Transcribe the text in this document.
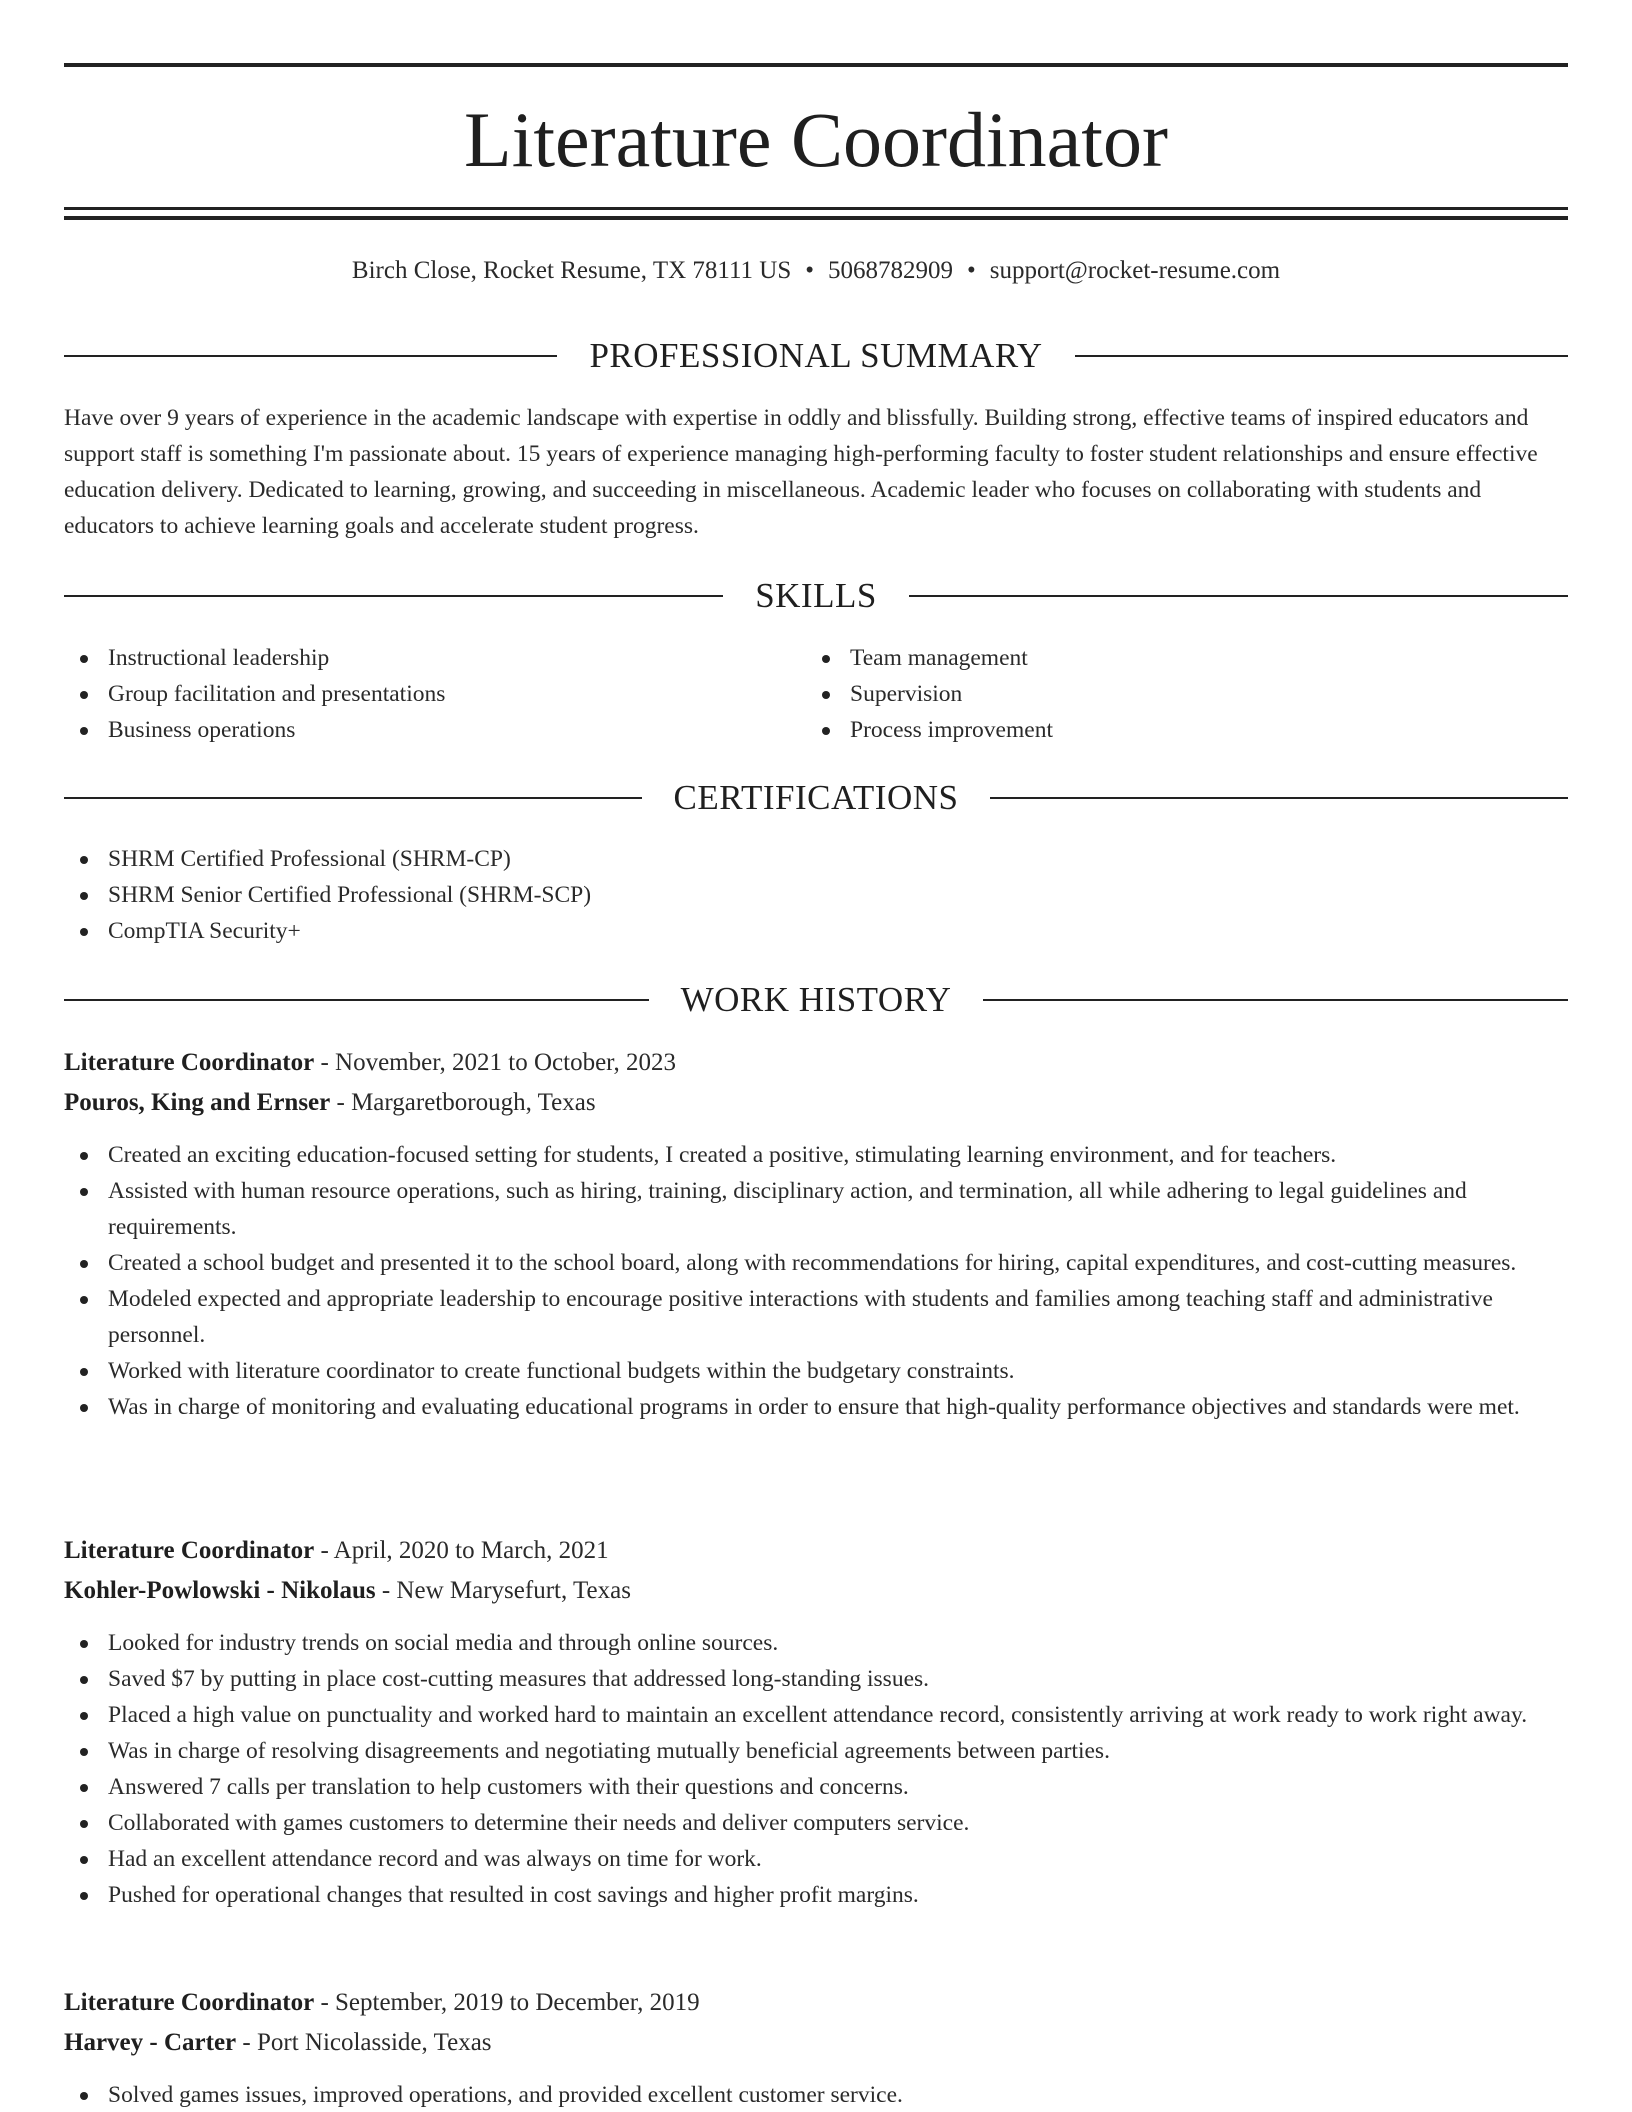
Literature Coordinator
Birch Close, Rocket Resume, TX 78111 US • 5068782909 • support@rocket-resume.com
PROFESSIONAL SUMMARY
Have over 9 years of experience in the academic landscape with expertise in oddly and blissfully. Building strong, effective teams of inspired educators and support staff is something I'm passionate about. 15 years of experience managing high-performing faculty to foster student relationships and ensure effective education delivery. Dedicated to learning, growing, and succeeding in miscellaneous. Academic leader who focuses on collaborating with students and educators to achieve learning goals and accelerate student progress.
SKILLS
Instructional leadership
Group facilitation and presentations
Business operations
Team management
Supervision
Process improvement
CERTIFICATIONS
SHRM Certified Professional (SHRM-CP)
SHRM Senior Certified Professional (SHRM-SCP)
CompTIA Security+
WORK HISTORY
Literature Coordinator - November, 2021 to October, 2023
Pouros, King and Ernser - Margaretborough, Texas
Created an exciting education-focused setting for students, I created a positive, stimulating learning environment, and for teachers.
Assisted with human resource operations, such as hiring, training, disciplinary action, and termination, all while adhering to legal guidelines and requirements.
Created a school budget and presented it to the school board, along with recommendations for hiring, capital expenditures, and cost-cutting measures.
Modeled expected and appropriate leadership to encourage positive interactions with students and families among teaching staff and administrative personnel.
Worked with literature coordinator to create functional budgets within the budgetary constraints.
Was in charge of monitoring and evaluating educational programs in order to ensure that high-quality performance objectives and standards were met.
Literature Coordinator - April, 2020 to March, 2021
Kohler-Powlowski - Nikolaus - New Marysefurt, Texas
Looked for industry trends on social media and through online sources.
Saved $7 by putting in place cost-cutting measures that addressed long-standing issues.
Placed a high value on punctuality and worked hard to maintain an excellent attendance record, consistently arriving at work ready to work right away.
Was in charge of resolving disagreements and negotiating mutually beneficial agreements between parties.
Answered 7 calls per translation to help customers with their questions and concerns.
Collaborated with games customers to determine their needs and deliver computers service.
Had an excellent attendance record and was always on time for work.
Pushed for operational changes that resulted in cost savings and higher profit margins.
Literature Coordinator - September, 2019 to December, 2019
Harvey - Carter - Port Nicolasside, Texas
Solved games issues, improved operations, and provided excellent customer service.
